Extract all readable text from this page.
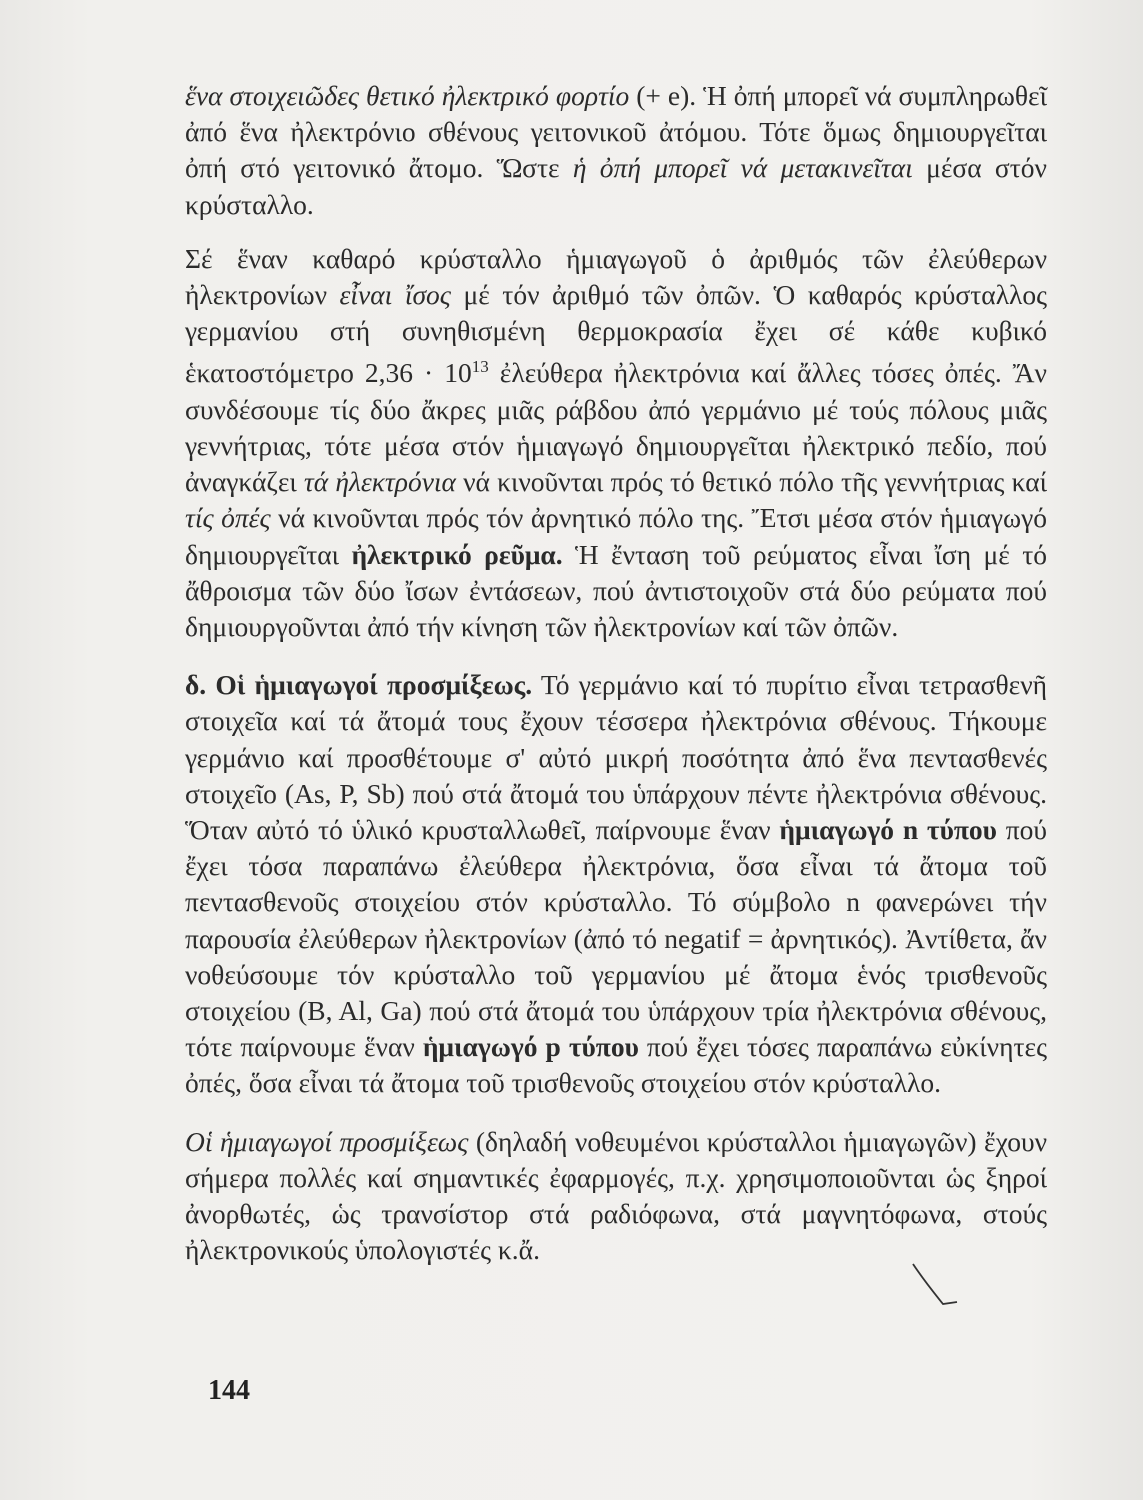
ἕνα στοιχειῶδες θετικό ἠλεκτρικό φορτίο (+ e). Ἡ ὀπή μπορεῖ νά συμπληρωθεῖ ἀπό ἕνα ἠλεκτρόνιο σθένους γειτονικοῦ ἀτόμου. Τότε ὅμως δημιουργεῖται ὀπή στό γειτονικό ἄτομο. Ὥστε ἡ ὀπή μπορεῖ νά μετακινεῖται μέσα στόν κρύσταλλο.

Σέ ἕναν καθαρό κρύσταλλο ἡμιαγωγοῦ ὁ ἀριθμός τῶν ἐλεύθερων ἠλεκτρονίων εἶναι ἴσος μέ τόν ἀριθμό τῶν ὀπῶν. Ὁ καθαρός κρύσταλλος γερμανίου στή συνηθισμένη θερμοκρασία ἔχει σέ κάθε κυβικό ἑκατοστόμετρο $2,36 \cdot 10^{13}$ ἐλεύθερα ἠλεκτρόνια καί ἄλλες τόσες ὀπές. Ἄν συνδέσουμε τίς δύο ἄκρες μιᾶς ράβδου ἀπό γερμάνιο μέ τούς πόλους μιᾶς γεννήτριας, τότε μέσα στόν ἡμιαγωγό δημιουργεῖται ἠλεκτρικό πεδίο, πού ἀναγκάζει τά ἠλεκτρόνια νά κινοῦνται πρός τό θετικό πόλο τῆς γεννήτριας καί τίς ὀπές νά κινοῦνται πρός τόν ἀρνητικό πόλο της. Ἔτσι μέσα στόν ἡμιαγωγό δημιουργεῖται ἠλεκτρικό ρεῦμα. Ἡ ἔνταση τοῦ ρεύματος εἶναι ἴση μέ τό ἄθροισμα τῶν δύο ἴσων ἐντάσεων, πού ἀντιστοιχοῦν στά δύο ρεύματα πού δημιουργοῦνται ἀπό τήν κίνηση τῶν ἠλεκτρονίων καί τῶν ὀπῶν.

δ. Οἱ ἡμιαγωγοί προσμίξεως. Τό γερμάνιο καί τό πυρίτιο εἶναι τετρασθενῆ στοιχεῖα καί τά ἄτομά τους ἔχουν τέσσερα ἠλεκτρόνια σθένους. Τήκουμε γερμάνιο καί προσθέτουμε σ' αὐτό μικρή ποσότητα ἀπό ἕνα πεντασθενές στοιχεῖο (As, P, Sb) πού στά ἄτομά του ὑπάρχουν πέντε ἠλεκτρόνια σθένους. Ὅταν αὐτό τό ὑλικό κρυσταλλωθεῖ, παίρνουμε ἕναν ἡμιαγωγό n τύπου πού ἔχει τόσα παραπάνω ἐλεύθερα ἠλεκτρόνια, ὅσα εἶναι τά ἄτομα τοῦ πεντασθενοῦς στοιχείου στόν κρύσταλλο. Τό σύμβολο n φανερώνει τήν παρουσία ἐλεύθερων ἠλεκτρονίων (ἀπό τό negatif = ἀρνητικός). Ἀντίθετα, ἄν νοθεύσουμε τόν κρύσταλλο τοῦ γερμανίου μέ ἄτομα ἑνός τρισθενοῦς στοιχείου (B, Al, Ga) πού στά ἄτομά του ὑπάρχουν τρία ἠλεκτρόνια σθένους, τότε παίρνουμε ἕναν ἡμιαγωγό p τύπου πού ἔχει τόσες παραπάνω εὐκίνητες ὀπές, ὅσα εἶναι τά ἄτομα τοῦ τρισθενοῦς στοιχείου στόν κρύσταλλο.

Οἱ ἡμιαγωγοί προσμίξεως (δηλαδή νοθευμένοι κρύσταλλοι ἡμιαγωγῶν) ἔχουν σήμερα πολλές καί σημαντικές ἐφαρμογές, π.χ. χρησιμοποιοῦνται ὡς ξηροί ἀνορθωτές, ὡς τρανσίστορ στά ραδιόφωνα, στά μαγνητόφωνα, στούς ἠλεκτρονικούς ὑπολογιστές κ.ἄ.

144
